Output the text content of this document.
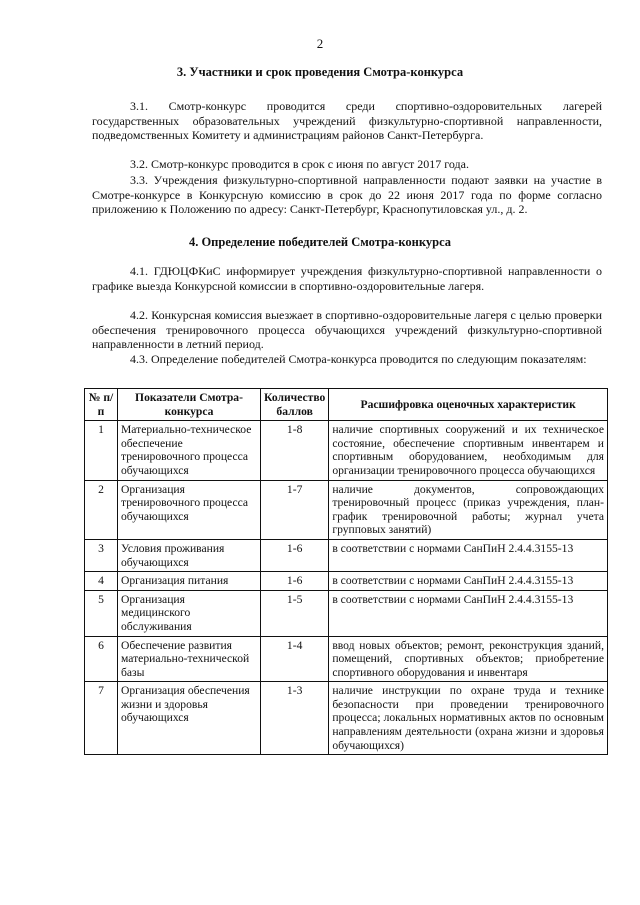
2
3. Участники и срок проведения Смотра-конкурса
3.1. Смотр-конкурс проводится среди спортивно-оздоровительных лагерей государственных образовательных учреждений физкультурно-спортивной направленности, подведомственных Комитету и администрациям районов Санкт-Петербурга.
3.2. Смотр-конкурс проводится в срок с июня по август 2017 года.
3.3. Учреждения физкультурно-спортивной направленности подают заявки на участие в Смотре-конкурсе в Конкурсную комиссию в срок до 22 июня 2017 года по форме согласно приложению к Положению по адресу: Санкт-Петербург, Краснопутиловская ул., д. 2.
4. Определение победителей Смотра-конкурса
4.1. ГДЮЦФКиС информирует учреждения физкультурно-спортивной направленности о графике выезда Конкурсной комиссии в спортивно-оздоровительные лагеря.
4.2. Конкурсная комиссия выезжает в спортивно-оздоровительные лагеря с целью проверки обеспечения тренировочного процесса обучающихся учреждений физкультурно-спортивной направленности в летний период.
4.3. Определение победителей Смотра-конкурса проводится по следующим показателям:
№ п/п	Показатели Смотра-конкурса	Количество баллов	Расшифровка оценочных характеристик
1	Материально-техническое обеспечение тренировочного процесса обучающихся	1-8	наличие спортивных сооружений и их техническое состояние, обеспечение спортивным инвентарем и спортивным оборудованием, необходимым для организации тренировочного процесса обучающихся
2	Организация тренировочного процесса обучающихся	1-7	наличие документов, сопровождающих тренировочный процесс (приказ учреждения, план-график тренировочной работы; журнал учета групповых занятий)
3	Условия проживания обучающихся	1-6	в соответствии с нормами СанПиН 2.4.4.3155-13
4	Организация питания	1-6	в соответствии с нормами СанПиН 2.4.4.3155-13
5	Организация медицинского обслуживания	1-5	в соответствии с нормами СанПиН 2.4.4.3155-13
6	Обеспечение развития материально-технической базы	1-4	ввод новых объектов; ремонт, реконструкция зданий, помещений, спортивных объектов; приобретение спортивного оборудования и инвентаря
7	Организация обеспечения жизни и здоровья обучающихся	1-3	наличие инструкции по охране труда и технике безопасности при проведении тренировочного процесса; локальных нормативных актов по основным направлениям деятельности (охрана жизни и здоровья обучающихся)
